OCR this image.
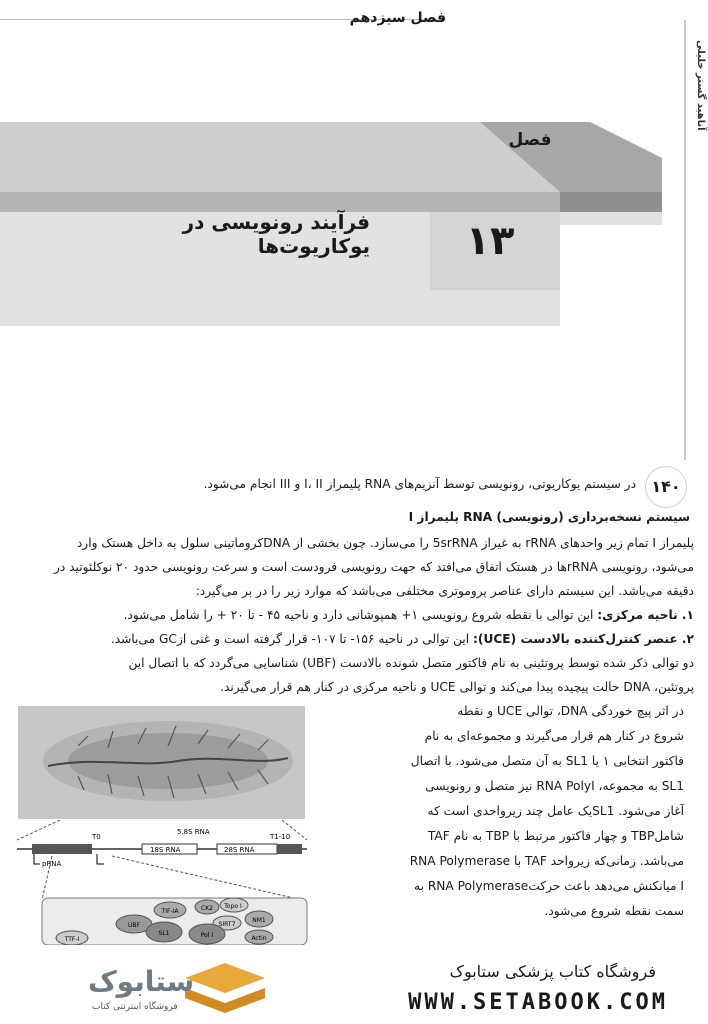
فصل سیزدهم
آناهید گستر خلیلی
فصل
۱۳
فرآیند رونویسی در یوکاریوت‌ها
۱۴۰
در سیستم یوکاریوتی، رونویسی توسط آنزیم‌های RNA پلیمراز I، II و III انجام می‌شود.
سیستم نسخه‌برداری (رونویسی) RNA پلیمراز I
پلیمراز I تمام زیر واحدهای rRNA به غیراز 5srRNA را می‌سازد. چون بخشی از DNAکروماتینی سلول به داخل هستک وارد
می‌شود، رونویسی rRNAها در هستک اتفاق می‌افتد که جهت رونویسی فرودست است و سرعت رونویسی حدود ۲۰ نوکلئوتید در
دقیقه می‌باشد. این سیستم دارای عناصر پروموتری مختلفی می‌باشد که موارد زیر را در بر می‌گیرد:
۱. ناحیه مرکزی: این توالی با نقطه شروع رونویسی ۱+ همپوشانی دارد و ناحیه ۴۵ - تا ۲۰ + را شامل می‌شود.
۲. عنصر کنترل‌کننده بالادست (UCE): این توالی در ناحیه ۱۵۶- تا ۱۰۷- قرار گرفته است و غنی ازGC می‌باشد.
دو توالی ذکر شده توسط پروتئینی به نام فاکتور متصل شونده بالادست (UBF) شناسایی می‌گردد که با اتصال این
پروتئین، DNA حالت پیچیده پیدا می‌کند و توالی UCE و ناحیه مرکزی در کنار هم قرار می‌گیرند.
در اثر پیچ خوردگی DNA، توالی UCE و نقطه
شروع در کنار هم قرار می‌گیرند و مجموعه‌ای به نام
فاکتور انتخابی ۱ یا SL1 به آن متصل می‌شود. با اتصال
SL1 به مجموعه، RNA PolyI نیز متصل و رونویسی
آغاز می‌شود. SL1یک عامل چند زیرواحدی است که
شاملTBP و چهار فاکتور مرتبط با TBP به نام TAF
می‌باشد. زمانی‌که زیرواحد TAF با RNA Polymerase
I میانکنش می‌دهد باعث حرکتRNA Polymerase به
سمت نقطه شروع می‌شود.
18S RNA	28S RNA
5.8S RNA
T0	T1-10
pRNA
Topo I
TIF-IA	CK2
NM1
SIRT7
SL1	Pol I	Actin
TTF-I
UBF
ستابوک
فروشگاه اینترنتی کتاب
فروشگاه کتاب پزشکی ستابوک
WWW.SETABOOK.COM
